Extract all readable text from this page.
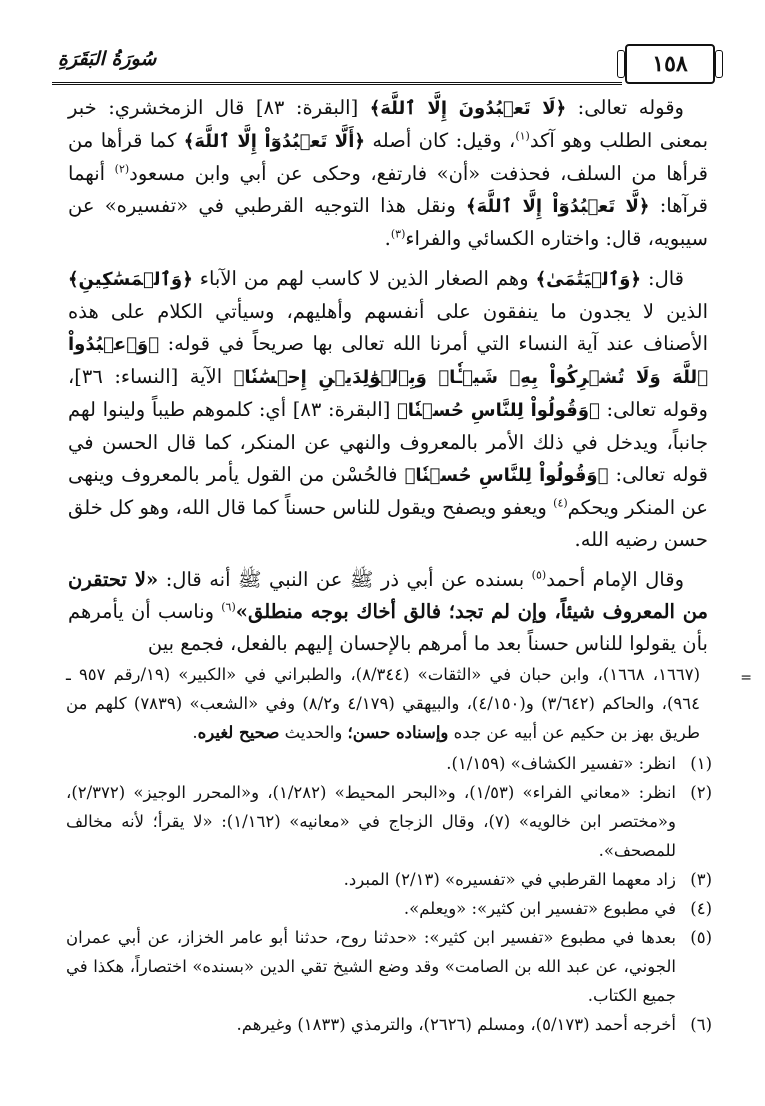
سُورَةُ البَقَرَةِ	١٥٨

وقوله تعالى: ﴿لَا تَعۡبُدُونَ إِلَّا ٱللَّهَ﴾ [البقرة: ٨٣] قال الزمخشري: خبر بمعنى الطلب وهو آكد$^{(١)}$، وقيل: كان أصله ﴿أَلَّا تَعۡبُدُوٓاْ إِلَّا ٱللَّهَ﴾ كما قرأها من قرأها من السلف، فحذفت «أن» فارتفع، وحكى عن أبي وابن مسعود$^{(٢)}$ أنهما قرآها: ﴿لَّا تَعۡبُدُوٓاْ إِلَّا ٱللَّهَ﴾ ونقل هذا التوجيه القرطبي في «تفسيره» عن سيبويه، قال: واختاره الكسائي والفراء$^{(٣)}$.

قال: ﴿وَٱلۡيَتَٰمَىٰ﴾ وهم الصغار الذين لا كاسب لهم من الآباء ﴿وَٱلۡمَسَٰكِينِ﴾ الذين لا يجدون ما ينفقون على أنفسهم وأهليهم، وسيأتي الكلام على هذه الأصناف عند آية النساء التي أمرنا الله تعالى بها صريحاً في قوله: ﴿وَٱعۡبُدُواْ ٱللَّهَ وَلَا تُشۡرِكُواْ بِهِۦ شَيۡـٔٗاۖ وَبِٱلۡوَٰلِدَيۡنِ إِحۡسَٰنٗا﴾ الآية [النساء: ٣٦]، وقوله تعالى: ﴿وَقُولُواْ لِلنَّاسِ حُسۡنٗا﴾ [البقرة: ٨٣] أي: كلموهم طيباً ولينوا لهم جانباً، ويدخل في ذلك الأمر بالمعروف والنهي عن المنكر، كما قال الحسن في قوله تعالى: ﴿وَقُولُواْ لِلنَّاسِ حُسۡنٗا﴾ فالحُسْن من القول يأمر بالمعروف وينهى عن المنكر ويحكم$^{(٤)}$ ويعفو ويصفح ويقول للناس حسناً كما قال الله، وهو كل خلق حسن رضيه الله.

وقال الإمام أحمد$^{(٥)}$ بسنده عن أبي ذر ﷺ عن النبي ﷺ أنه قال: «لا تحتقرن من المعروف شيئاً، وإن لم تجد؛ فالق أخاك بوجه منطلق»$^{(٦)}$ وناسب أن يأمرهم بأن يقولوا للناس حسناً بعد ما أمرهم بالإحسان إليهم بالفعل، فجمع بين

=
(١٦٦٧، ١٦٦٨)، وابن حبان في «الثقات» (٨/٣٤٤)، والطبراني في «الكبير» (١٩/رقم ٩٥٧ ـ ٩٦٤)، والحاكم (٣/٦٤٢) و(٤/١٥٠)، والبيهقي (٤/١٧٩ و٨/٢) وفي «الشعب» (٧٨٣٩) كلهم من طريق بهز بن حكيم عن أبيه عن جده وإسناده حسن؛ والحديث صحيح لغيره.
(١)
انظر: «تفسير الكشاف» (١/١٥٩).
(٢)
انظر: «معاني الفراء» (١/٥٣)، و«البحر المحيط» (١/٢٨٢)، و«المحرر الوجيز» (٢/٣٧٢)، و«مختصر ابن خالويه» (٧)، وقال الزجاج في «معانيه» (١/١٦٢): «لا يقرأ؛ لأنه مخالف للمصحف».
(٣)
زاد معهما القرطبي في «تفسيره» (٢/١٣) المبرد.
(٤)
في مطبوع «تفسير ابن كثير»: «ويعلم».
(٥)
بعدها في مطبوع «تفسير ابن كثير»: «حدثنا روح، حدثنا أبو عامر الخزاز، عن أبي عمران الجوني، عن عبد الله بن الصامت» وقد وضع الشيخ تقي الدين «بسنده» اختصاراً، هكذا في جميع الكتاب.
(٦)
أخرجه أحمد (٥/١٧٣)، ومسلم (٢٦٢٦)، والترمذي (١٨٣٣) وغيرهم.
